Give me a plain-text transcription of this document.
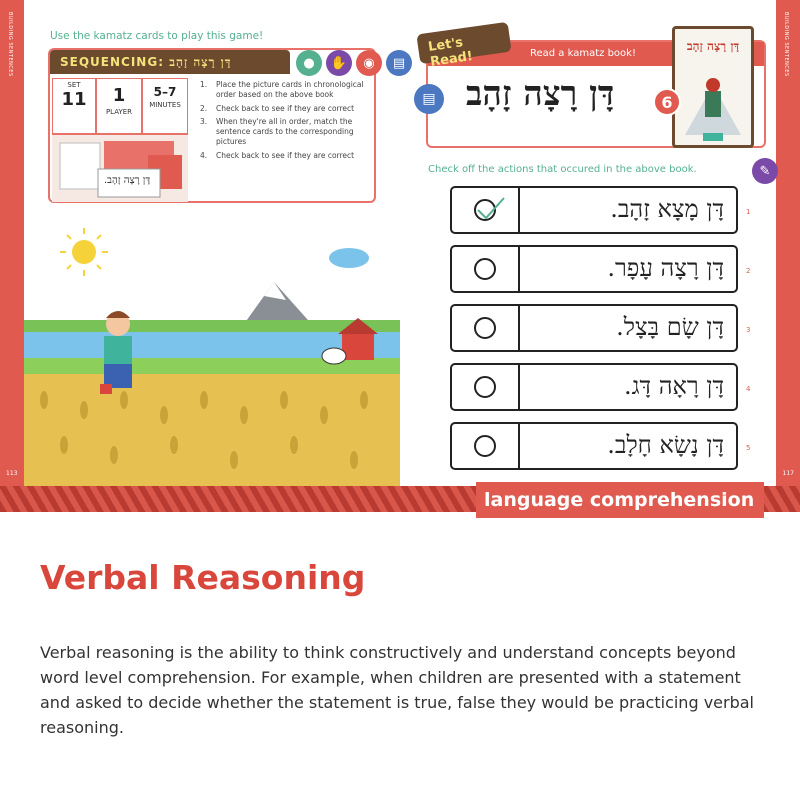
BUILDING SENTENCES	BUILDING SENTENCES
113	117
Use the kamatz cards to play this game!
SEQUENCING: דָּן רָצָה זָהָב	●	✋	◉	▤
SET
11	1
PLAYER
5–7
MINUTES
דָּן רָצָה זָהָב.
1.	Place the picture cards in chronological order based on the above book
2.	Check back to see if they are correct
3.	When they're all in order, match the sentence cards to the corresponding pictures
4.	Check back to see if they are correct
Read a kamatz book!
Let's Read!
▤ דָּן רָצָה זָהָב
דָּן רָצָה זָהָב
6
Check off the actions that occured in the above book.	✎
דָּן מָצָא זָהָב.	1
דָּן רָצָה עָפָר.	2
דָּן שָׂם בָּצָל.	3
דָּן רָאָה דָּג.	4
דָּן נָשָׂא חָלָב.	5
language comprehension
Verbal Reasoning

Verbal reasoning is the ability to think constructively and understand concepts beyond word level comprehension. For example, when children are presented with a statement and asked to decide whether the statement is true, false they would be practicing verbal reasoning.
